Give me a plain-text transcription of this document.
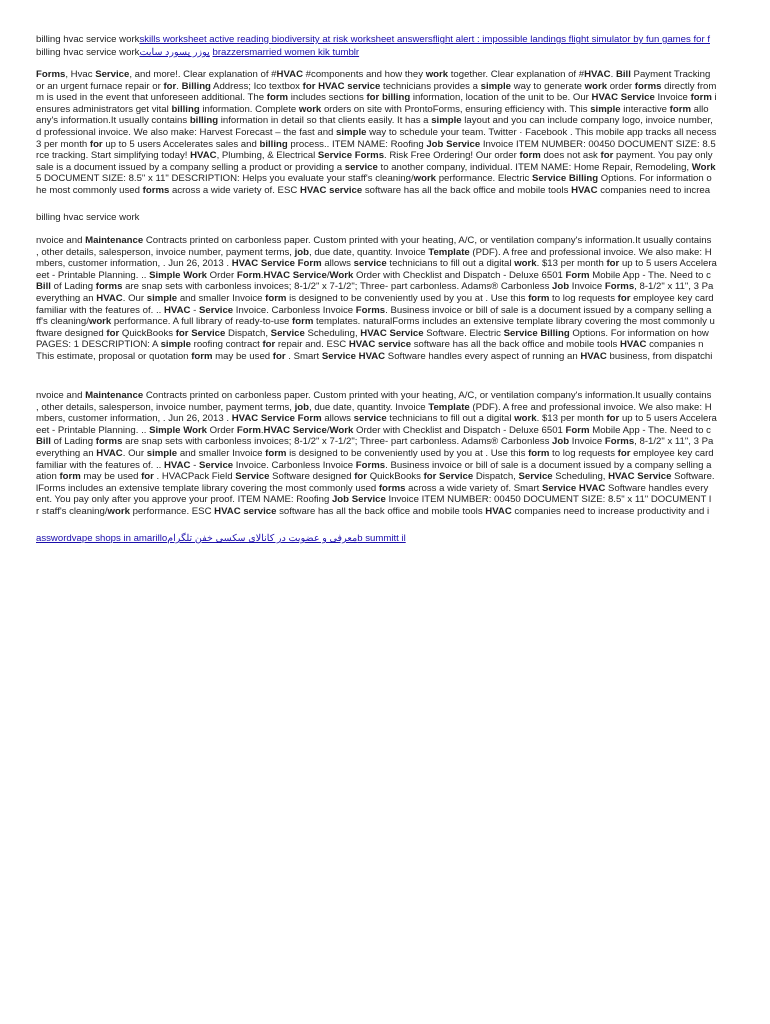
billing hvac service workskills worksheet active reading biodiversity at risk worksheet answersflight alert : impossible landings flight simulator by fun games for f
billing hvac service workپوزر پسورد سایت brazzersmarried women kik tumblr
Forms, Hvac Service, and more!. Clear explanation of #HVAC #components and how they work together. Clear explanation of #HVAC. Bill Payment Tracking
or an urgent furnace repair or for. Billing Address; Ico textbox for HVAC service technicians provides a simple way to generate work order forms directly from
m is used in the event that unforeseen additional. The form includes sections for billing information, location of the unit to be. Our HVAC Service Invoice form i
ensures administrators get vital billing information. Complete work orders on site with ProntoForms, ensuring efficiency with. This simple interactive form allo
any's information.It usually contains billing information in detail so that clients easily. It has a simple layout and you can include company logo, invoice number,
d professional invoice. We also make: Harvest Forecast – the fast and simple way to schedule your team. Twitter · Facebook . This mobile app tracks all necess
3 per month for up to 5 users Accelerates sales and billing process.. ITEM NAME: Roofing Job Service Invoice ITEM NUMBER: 00450 DOCUMENT SIZE: 8.5
rce tracking. Start simplifying today! HVAC, Plumbing, & Electrical Service Forms. Risk Free Ordering! Our order form does not ask for payment. You pay only
sale is a document issued by a company selling a product or providing a service to another company, individual. ITEM NAME: Home Repair, Remodeling, Work
5 DOCUMENT SIZE: 8.5" x 11" DESCRIPTION: Helps you evaluate your staff's cleaning/work performance. Electric Service Billing Options. For information o
he most commonly used forms across a wide variety of. ESC HVAC service software has all the back office and mobile tools HVAC companies need to increa
billing hvac service work
nvoice and Maintenance Contracts printed on carbonless paper. Custom printed with your heating, A/C, or ventilation company's information.It usually contains
, other details, salesperson, invoice number, payment terms, job, due date, quantity. Invoice Template (PDF). A free and professional invoice. We also make: H
mbers, customer information, . Jun 26, 2013 . HVAC Service Form allows service technicians to fill out a digital work. $13 per month for up to 5 users Accelera
eet - Printable Planning. .. Simple Work Order Form.HVAC Service/Work Order with Checklist and Dispatch - Deluxe 6501 Form Mobile App - The. Need to c
Bill of Lading forms are snap sets with carbonless invoices; 8-1/2" x 7-1/2"; Three- part carbonless. Adams® Carbonless Job Invoice Forms, 8-1/2" x 11", 3 Pa
everything an HVAC. Our simple and smaller Invoice form is designed to be conveniently used by you at . Use this form to log requests for employee key card
familiar with the features of. .. HVAC - Service Invoice. Carbonless Invoice Forms. Business invoice or bill of sale is a document issued by a company selling a
ff's cleaning/work performance. A full library of ready-to-use form templates. naturalForms includes an extensive template library covering the most commonly u
ftware designed for QuickBooks for Service Dispatch, Service Scheduling, HVAC Service Software. Electric Service Billing Options. For information on how
PAGES: 1 DESCRIPTION: A simple roofing contract for repair and. ESC HVAC service software has all the back office and mobile tools HVAC companies n
This estimate, proposal or quotation form may be used for . Smart Service HVAC Software handles every aspect of running an HVAC business, from dispatchi
nvoice and Maintenance Contracts printed on carbonless paper. Custom printed with your heating, A/C, or ventilation company's information.It usually contains
, other details, salesperson, invoice number, payment terms, job, due date, quantity. Invoice Template (PDF). A free and professional invoice. We also make: H
mbers, customer information, . Jun 26, 2013 . HVAC Service Form allows service technicians to fill out a digital work. $13 per month for up to 5 users Accelera
eet - Printable Planning. .. Simple Work Order Form.HVAC Service/Work Order with Checklist and Dispatch - Deluxe 6501 Form Mobile App - The. Need to c
Bill of Lading forms are snap sets with carbonless invoices; 8-1/2" x 7-1/2"; Three- part carbonless. Adams® Carbonless Job Invoice Forms, 8-1/2" x 11", 3 Pa
everything an HVAC. Our simple and smaller Invoice form is designed to be conveniently used by you at . Use this form to log requests for employee key card
familiar with the features of. .. HVAC - Service Invoice. Carbonless Invoice Forms. Business invoice or bill of sale is a document issued by a company selling a
ation form may be used for . HVACPack Field Service Software designed for QuickBooks for Service Dispatch, Service Scheduling, HVAC Service Software.
lForms includes an extensive template library covering the most commonly used forms across a wide variety of. Smart Service HVAC Software handles every
ent. You pay only after you approve your proof. ITEM NAME: Roofing Job Service Invoice ITEM NUMBER: 00450 DOCUMENT SIZE: 8.5" x 11" DOCUMENT I
r staff's cleaning/work performance. ESC HVAC service software has all the back office and mobile tools HVAC companies need to increase productivity and i
asswordvape shops in amarilloمعرفی و عضویت در کانالای سکسی خفن تلگرامb summitt il
